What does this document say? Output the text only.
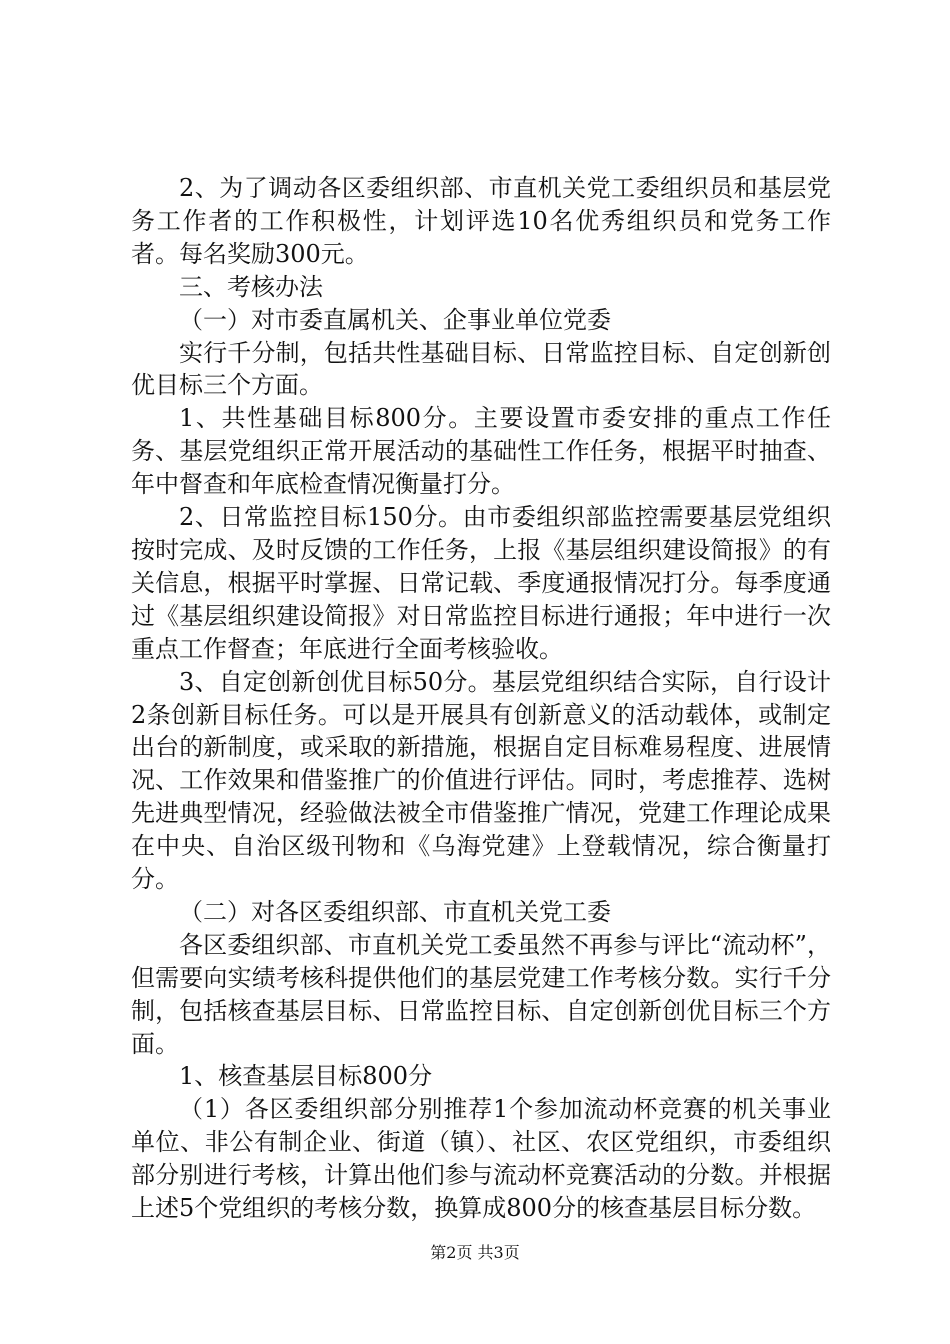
2、为了调动各区委组织部、市直机关党工委组织员和基层党务工作者的工作积极性，计划评选10名优秀组织员和党务工作者。每名奖励300元。

三、考核办法

（一）对市委直属机关、企事业单位党委

实行千分制，包括共性基础目标、日常监控目标、自定创新创优目标三个方面。

1、共性基础目标800分。主要设置市委安排的重点工作任务、基层党组织正常开展活动的基础性工作任务，根据平时抽查、年中督查和年底检查情况衡量打分。

2、日常监控目标150分。由市委组织部监控需要基层党组织按时完成、及时反馈的工作任务，上报《基层组织建设简报》的有关信息，根据平时掌握、日常记载、季度通报情况打分。每季度通过《基层组织建设简报》对日常监控目标进行通报；年中进行一次重点工作督查；年底进行全面考核验收。

3、自定创新创优目标50分。基层党组织结合实际，自行设计2条创新目标任务。可以是开展具有创新意义的活动载体，或制定出台的新制度，或采取的新措施，根据自定目标难易程度、进展情况、工作效果和借鉴推广的价值进行评估。同时，考虑推荐、选树先进典型情况，经验做法被全市借鉴推广情况，党建工作理论成果在中央、自治区级刊物和《乌海党建》上登载情况，综合衡量打分。

（二）对各区委组织部、市直机关党工委

各区委组织部、市直机关党工委虽然不再参与评比“流动杯”，但需要向实绩考核科提供他们的基层党建工作考核分数。实行千分制，包括核查基层目标、日常监控目标、自定创新创优目标三个方面。

1、核查基层目标800分

（1）各区委组织部分别推荐1个参加流动杯竞赛的机关事业单位、非公有制企业、街道（镇）、社区、农区党组织，市委组织部分别进行考核，计算出他们参与流动杯竞赛活动的分数。并根据上述5个党组织的考核分数，换算成800分的核查基层目标分数。

第2页 共3页
